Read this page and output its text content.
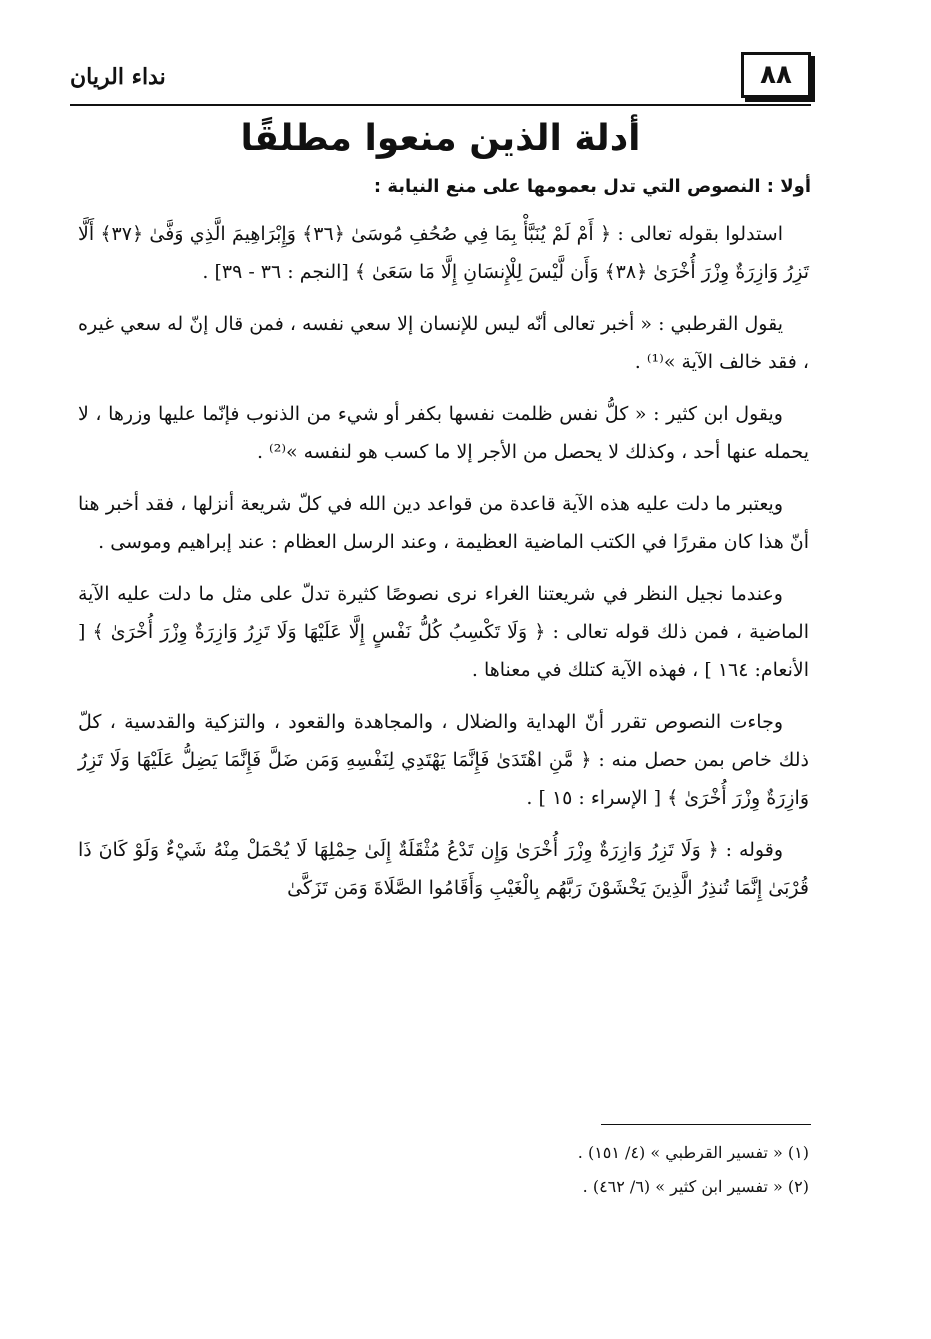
نداء الريان	٨٨
أدلة الذين منعوا مطلقًا
أولا : النصوص التي تدل بعمومها على منع النيابة :

استدلوا بقوله تعالى : ﴿ أَمْ لَمْ يُنَبَّأْ بِمَا فِي صُحُفِ مُوسَىٰ ﴿٣٦﴾ وَإِبْرَاهِيمَ الَّذِي وَفَّىٰ ﴿٣٧﴾ أَلَّا تَزِرُ وَازِرَةٌ وِزْرَ أُخْرَىٰ ﴿٣٨﴾ وَأَن لَّيْسَ لِلْإِنسَانِ إِلَّا مَا سَعَىٰ ﴾ [النجم : ٣٦ - ٣٩] .

يقول القرطبي : « أخبر تعالى أنّه ليس للإنسان إلا سعي نفسه ، فمن قال إنّ له سعي غيره ، فقد خالف الآية »⁽¹⁾ .

ويقول ابن كثير : « كلُّ نفس ظلمت نفسها بكفر أو شيء من الذنوب فإنّما عليها وزرها ، لا يحمله عنها أحد ، وكذلك لا يحصل من الأجر إلا ما كسب هو لنفسه »⁽²⁾ .

ويعتبر ما دلت عليه هذه الآية قاعدة من قواعد دين الله في كلّ شريعة أنزلها ، فقد أخبر هنا أنّ هذا كان مقررًا في الكتب الماضية العظيمة ، وعند الرسل العظام : عند إبراهيم وموسى .

وعندما نجيل النظر في شريعتنا الغراء نرى نصوصًا كثيرة تدلّ على مثل ما دلت عليه الآية الماضية ، فمن ذلك قوله تعالى : ﴿ وَلَا تَكْسِبُ كُلُّ نَفْسٍ إِلَّا عَلَيْهَا وَلَا تَزِرُ وَازِرَةٌ وِزْرَ أُخْرَىٰ ﴾ [ الأنعام: ١٦٤ ] ، فهذه الآية كتلك في معناها .

وجاءت النصوص تقرر أنّ الهداية والضلال ، والمجاهدة والقعود ، والتزكية والقدسية ، كلّ ذلك خاص بمن حصل منه : ﴿ مَّنِ اهْتَدَىٰ فَإِنَّمَا يَهْتَدِي لِنَفْسِهِ وَمَن ضَلَّ فَإِنَّمَا يَضِلُّ عَلَيْهَا وَلَا تَزِرُ وَازِرَةٌ وِزْرَ أُخْرَىٰ ﴾ [ الإسراء : ١٥ ] .

وقوله : ﴿ وَلَا تَزِرُ وَازِرَةٌ وِزْرَ أُخْرَىٰ وَإِن تَدْعُ مُثْقَلَةٌ إِلَىٰ حِمْلِهَا لَا يُحْمَلْ مِنْهُ شَيْءٌ وَلَوْ كَانَ ذَا قُرْبَىٰ إِنَّمَا تُنذِرُ الَّذِينَ يَخْشَوْنَ رَبَّهُم بِالْغَيْبِ وَأَقَامُوا الصَّلَاةَ وَمَن تَزَكَّىٰ

(١) « تفسير القرطبي » (٤/ ١٥١) .
(٢) « تفسير ابن كثير » (٦/ ٤٦٢) .
